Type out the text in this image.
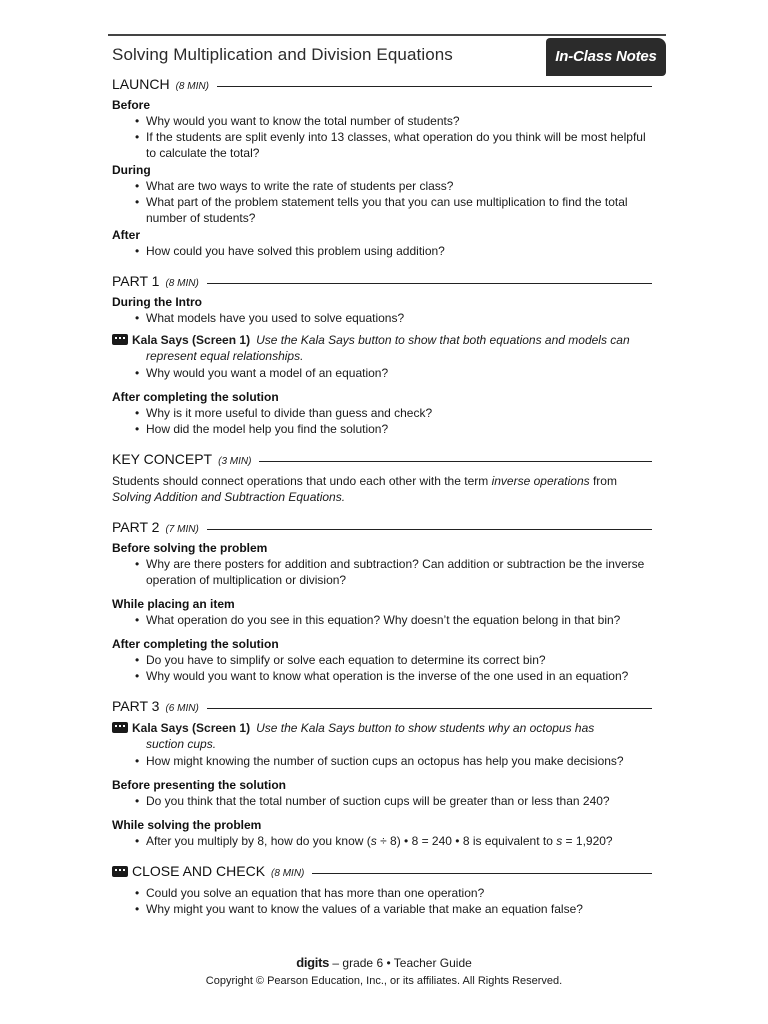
Solving Multiplication and Division Equations	In-Class Notes
LAUNCH (8 MIN)
Before
• Why would you want to know the total number of students?
• If the students are split evenly into 13 classes, what operation do you think will be most helpful to calculate the total?
During
• What are two ways to write the rate of students per class?
• What part of the problem statement tells you that you can use multiplication to find the total number of students?
After
• How could you have solved this problem using addition?
PART 1 (8 MIN)
During the Intro
• What models have you used to solve equations?
Kala Says (Screen 1) Use the Kala Says button to show that both equations and models can
represent equal relationships.
• Why would you want a model of an equation?
After completing the solution
• Why is it more useful to divide than guess and check?
• How did the model help you find the solution?
KEY CONCEPT (3 MIN)
Students should connect operations that undo each other with the term inverse operations from
Solving Addition and Subtraction Equations.
PART 2 (7 MIN)
Before solving the problem
• Why are there posters for addition and subtraction? Can addition or subtraction be the inverse operation of multiplication or division?
While placing an item
• What operation do you see in this equation? Why doesn’t the equation belong in that bin?
After completing the solution
• Do you have to simplify or solve each equation to determine its correct bin?
• Why would you want to know what operation is the inverse of the one used in an equation?
PART 3 (6 MIN)
Kala Says (Screen 1) Use the Kala Says button to show students why an octopus has
suction cups.
• How might knowing the number of suction cups an octopus has help you make decisions?
Before presenting the solution
• Do you think that the total number of suction cups will be greater than or less than 240?
While solving the problem
• After you multiply by 8, how do you know (s ÷ 8) • 8 = 240 • 8 is equivalent to s = 1,920?
CLOSE AND CHECK (8 MIN)
• Could you solve an equation that has more than one operation?
• Why might you want to know the values of a variable that make an equation false?
digits – grade 6 • Teacher Guide
Copyright © Pearson Education, Inc., or its affiliates. All Rights Reserved.
